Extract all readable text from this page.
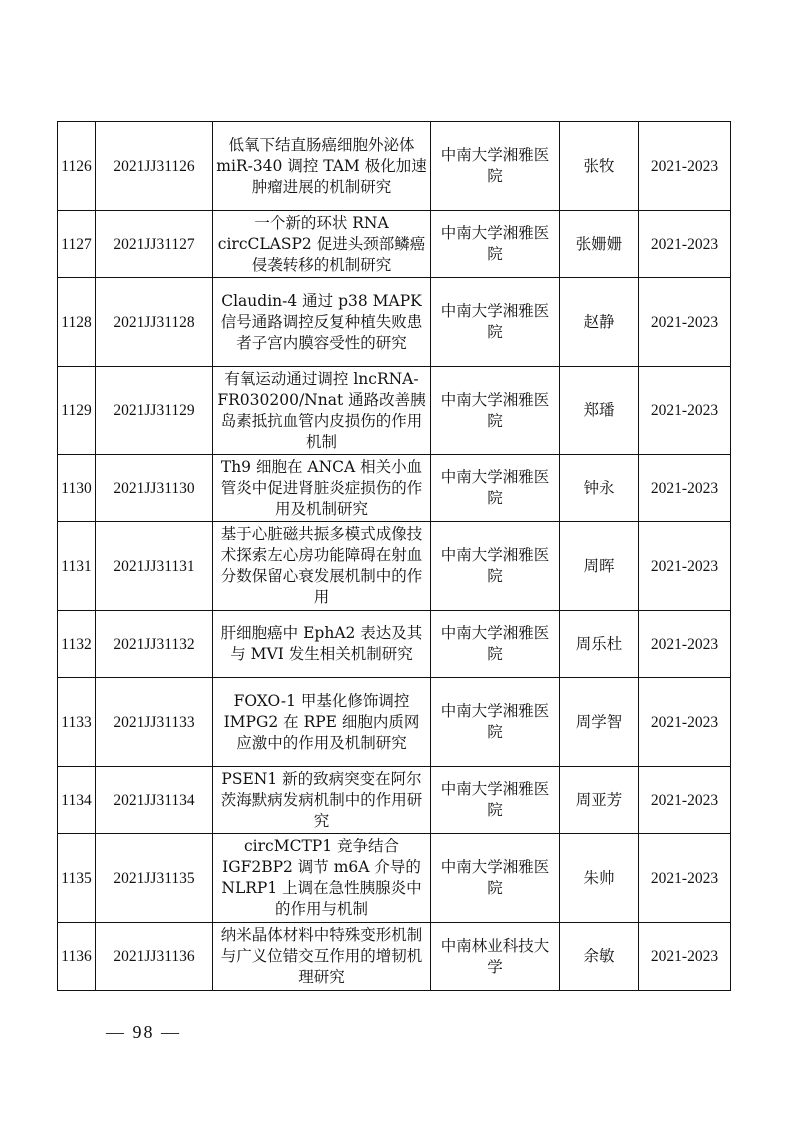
1126	2021JJ31126	低氧下结直肠癌细胞外泌体 miR-340 调控 TAM 极化加速肿瘤进展的机制研究	中南大学湘雅医院	张牧	2021-2023
1127	2021JJ31127	一个新的环状 RNA circCLASP2 促进头颈部鳞癌侵袭转移的机制研究	中南大学湘雅医院	张姗姗	2021-2023
1128	2021JJ31128	Claudin-4 通过 p38 MAPK 信号通路调控反复种植失败患者子宫内膜容受性的研究	中南大学湘雅医院	赵静	2021-2023
1129	2021JJ31129	有氧运动通过调控 lncRNA-FR030200/Nnat 通路改善胰岛素抵抗血管内皮损伤的作用机制	中南大学湘雅医院	郑璠	2021-2023
1130	2021JJ31130	Th9 细胞在 ANCA 相关小血管炎中促进肾脏炎症损伤的作用及机制研究	中南大学湘雅医院	钟永	2021-2023
1131	2021JJ31131	基于心脏磁共振多模式成像技术探索左心房功能障碍在射血分数保留心衰发展机制中的作用	中南大学湘雅医院	周晖	2021-2023
1132	2021JJ31132	肝细胞癌中 EphA2 表达及其与 MVI 发生相关机制研究	中南大学湘雅医院	周乐杜	2021-2023
1133	2021JJ31133	FOXO-1 甲基化修饰调控 IMPG2 在 RPE 细胞内质网应激中的作用及机制研究	中南大学湘雅医院	周学智	2021-2023
1134	2021JJ31134	PSEN1 新的致病突变在阿尔茨海默病发病机制中的作用研究	中南大学湘雅医院	周亚芳	2021-2023
1135	2021JJ31135	circMCTP1 竞争结合 IGF2BP2 调节 m6A 介导的 NLRP1 上调在急性胰腺炎中的作用与机制	中南大学湘雅医院	朱帅	2021-2023
1136	2021JJ31136	纳米晶体材料中特殊变形机制与广义位错交互作用的增韧机理研究	中南林业科技大学	余敏	2021-2023
— 98 —
